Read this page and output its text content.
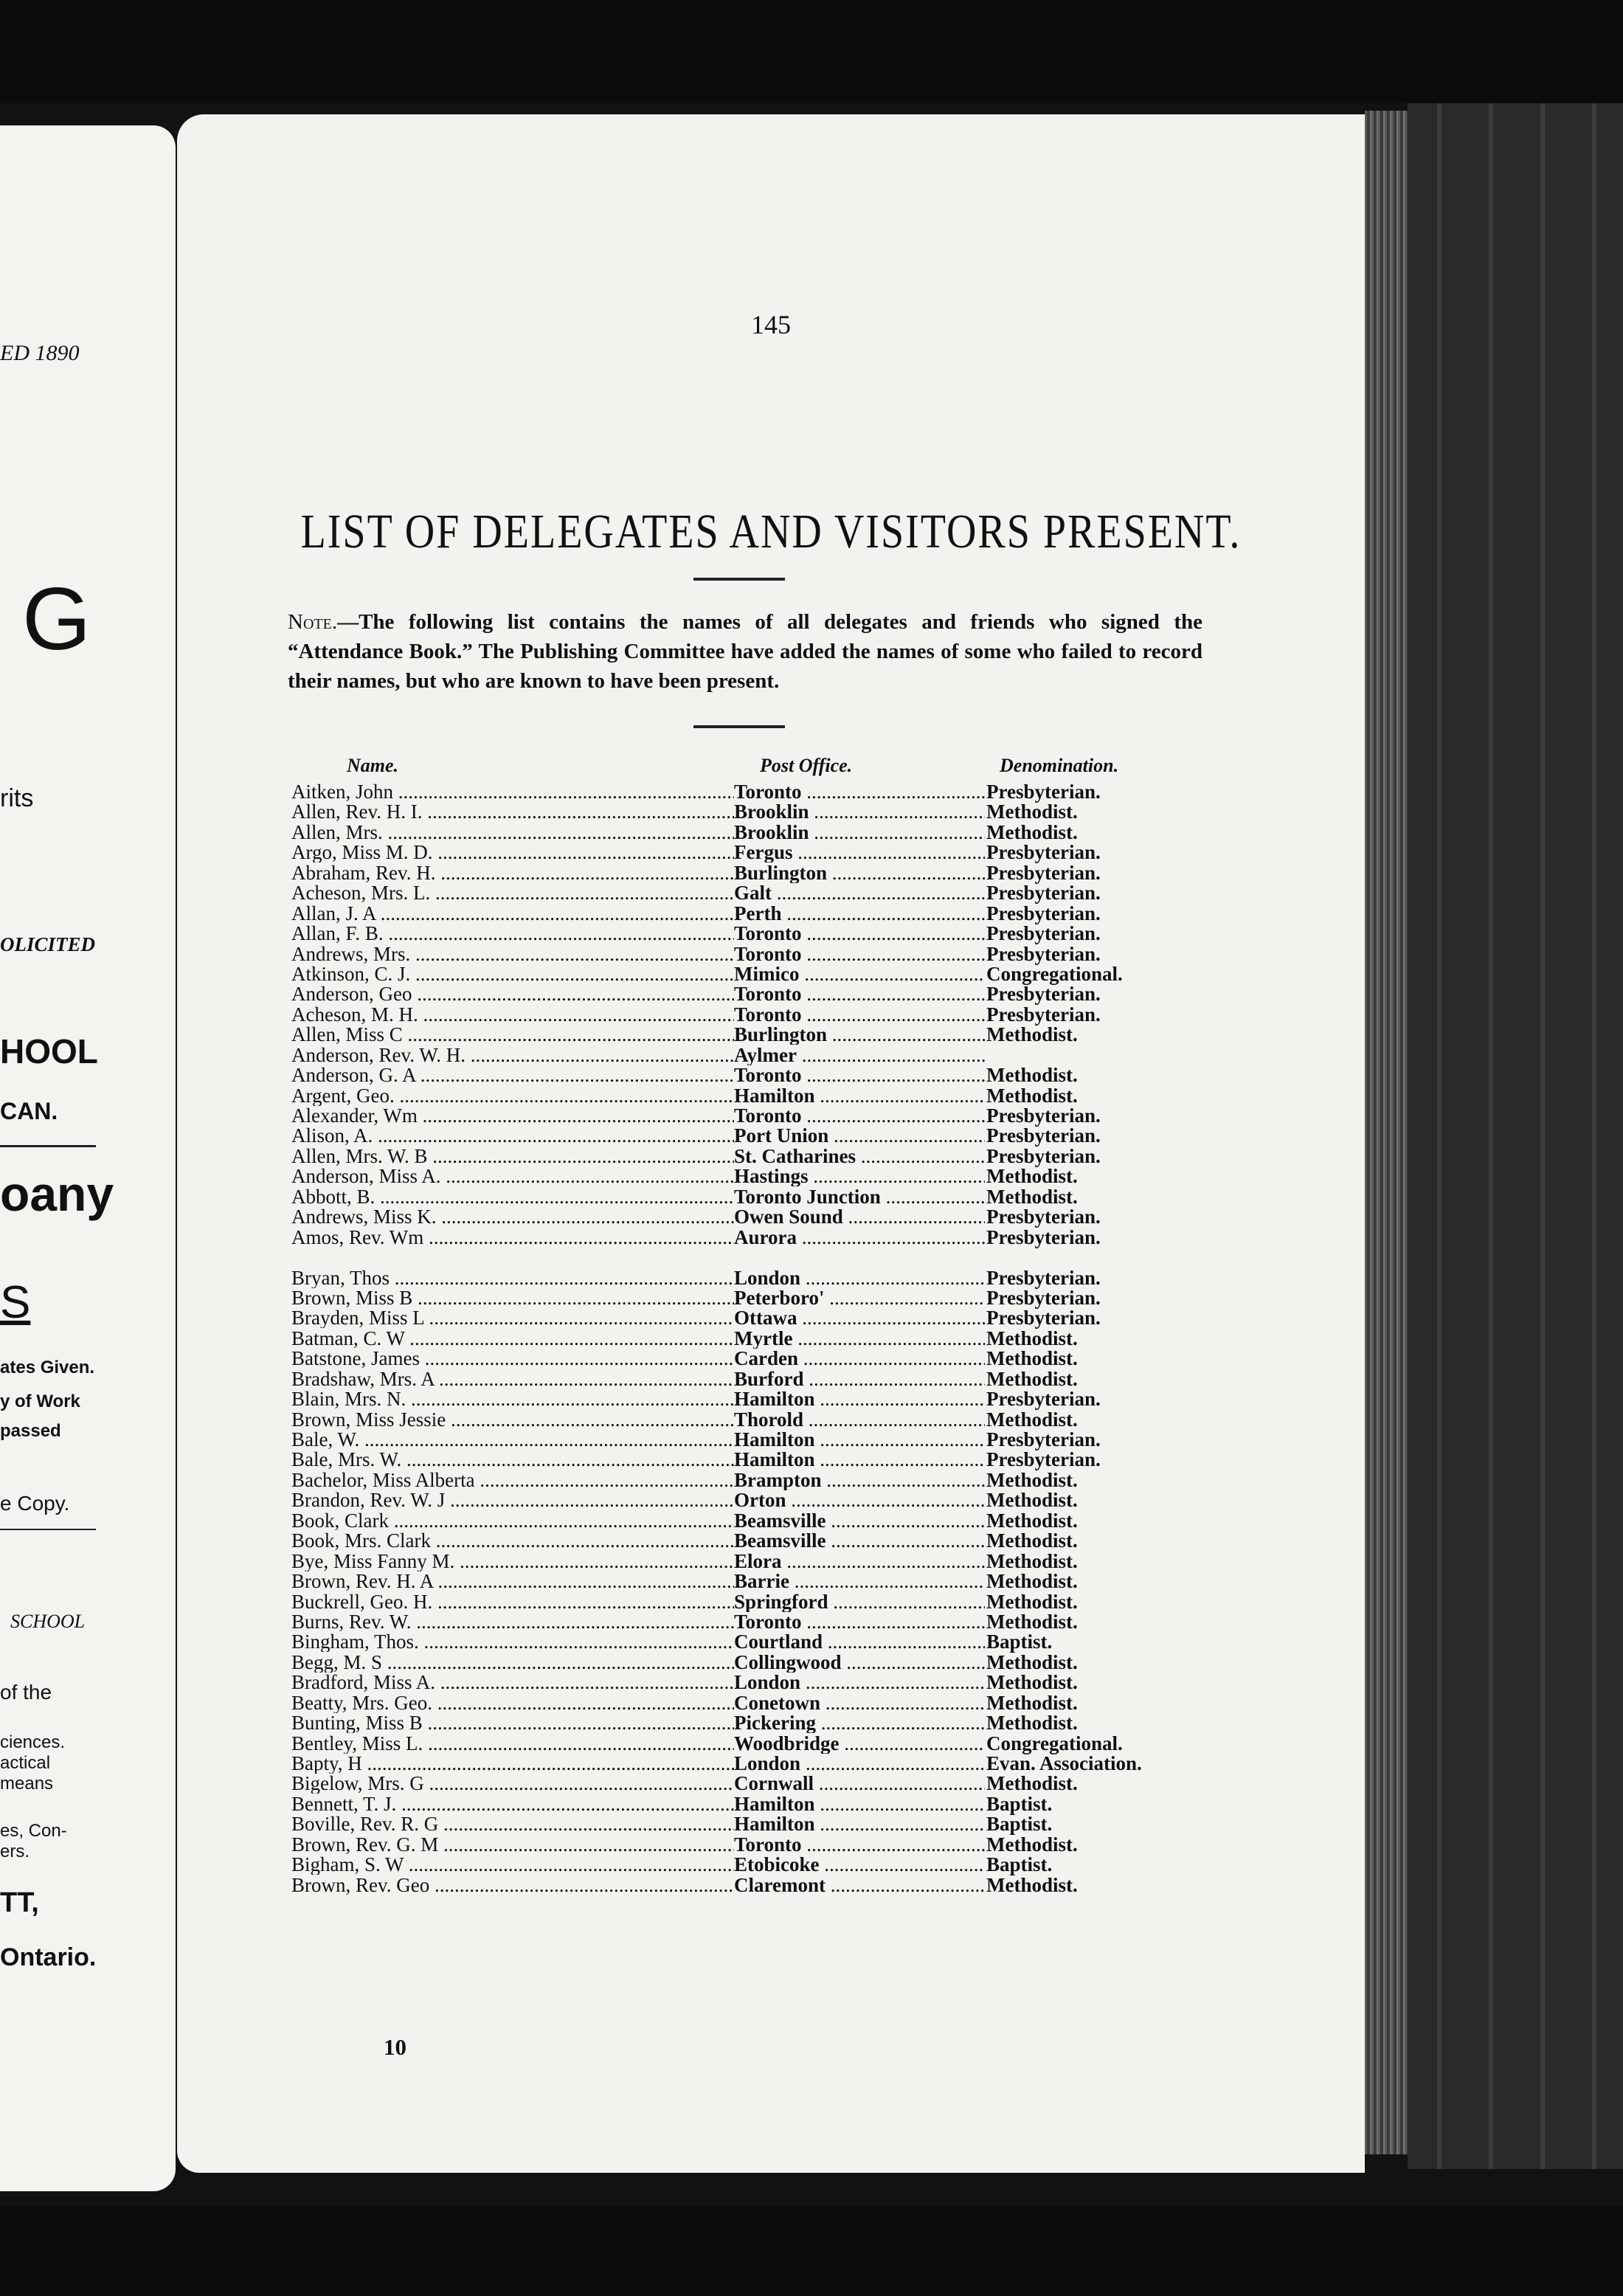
ED 1890
G
rits
OLICITED
HOOL
CAN.
oany
S
ates Given.
y of Work
passed
e Copy.
SCHOOL
of the
ciences.
actical
means
es, Con-
ers.
TT,
Ontario.
145
LIST OF DELEGATES AND VISITORS PRESENT.
Note.—The following list contains the names of all delegates and friends who signed the “Attendance Book.” The Publishing Committee have added the names of some who failed to record their names, but who are known to have been present.
Name.	Post Office.	Denomination.
Aitken, John .....	Toronto .....	Presbyterian.
Allen, Rev. H. I. .....	Brooklin .....	Methodist.
Allen, Mrs. .....	Brooklin .....	Methodist.
Argo, Miss M. D. .....	Fergus .....	Presbyterian.
Abraham, Rev. H. .....	Burlington .....	Presbyterian.
Acheson, Mrs. L. .....	Galt .....	Presbyterian.
Allan, J. A .....	Perth .....	Presbyterian.
Allan, F. B. .....	Toronto .....	Presbyterian.
Andrews, Mrs. .....	Toronto .....	Presbyterian.
Atkinson, C. J. .....	Mimico .....	Congregational.
Anderson, Geo .....	Toronto .....	Presbyterian.
Acheson, M. H. .....	Toronto .....	Presbyterian.
Allen, Miss C .....	Burlington .....	Methodist.
Anderson, Rev. W. H. .....	Aylmer .....
Anderson, G. A .....	Toronto .....	Methodist.
Argent, Geo. .....	Hamilton .....	Methodist.
Alexander, Wm .....	Toronto .....	Presbyterian.
Alison, A. .....	Port Union .....	Presbyterian.
Allen, Mrs. W. B .....	St. Catharines .....	Presbyterian.
Anderson, Miss A. .....	Hastings .....	Methodist.
Abbott, B. .....	Toronto Junction .....	Methodist.
Andrews, Miss K. .....	Owen Sound .....	Presbyterian.
Amos, Rev. Wm .....	Aurora .....	Presbyterian.
Bryan, Thos .....	London .....	Presbyterian.
Brown, Miss B .....	Peterboro' .....	Presbyterian.
Brayden, Miss L .....	Ottawa .....	Presbyterian.
Batman, C. W .....	Myrtle .....	Methodist.
Batstone, James .....	Carden .....	Methodist.
Bradshaw, Mrs. A .....	Burford .....	Methodist.
Blain, Mrs. N. .....	Hamilton .....	Presbyterian.
Brown, Miss Jessie .....	Thorold .....	Methodist.
Bale, W. .....	Hamilton .....	Presbyterian.
Bale, Mrs. W. .....	Hamilton .....	Presbyterian.
Bachelor, Miss Alberta .....	Brampton .....	Methodist.
Brandon, Rev. W. J .....	Orton .....	Methodist.
Book, Clark .....	Beamsville .....	Methodist.
Book, Mrs. Clark .....	Beamsville .....	Methodist.
Bye, Miss Fanny M. .....	Elora .....	Methodist.
Brown, Rev. H. A .....	Barrie .....	Methodist.
Buckrell, Geo. H. .....	Springford .....	Methodist.
Burns, Rev. W. .....	Toronto .....	Methodist.
Bingham, Thos. .....	Courtland .....	Baptist.
Begg, M. S .....	Collingwood .....	Methodist.
Bradford, Miss A. .....	London .....	Methodist.
Beatty, Mrs. Geo. .....	Conetown .....	Methodist.
Bunting, Miss B .....	Pickering .....	Methodist.
Bentley, Miss L. .....	Woodbridge .....	Congregational.
Bapty, H .....	London .....	Evan. Association.
Bigelow, Mrs. G .....	Cornwall .....	Methodist.
Bennett, T. J. .....	Hamilton .....	Baptist.
Boville, Rev. R. G .....	Hamilton .....	Baptist.
Brown, Rev. G. M .....	Toronto .....	Methodist.
Bigham, S. W .....	Etobicoke .....	Baptist.
Brown, Rev. Geo .....	Claremont .....	Methodist.
10
